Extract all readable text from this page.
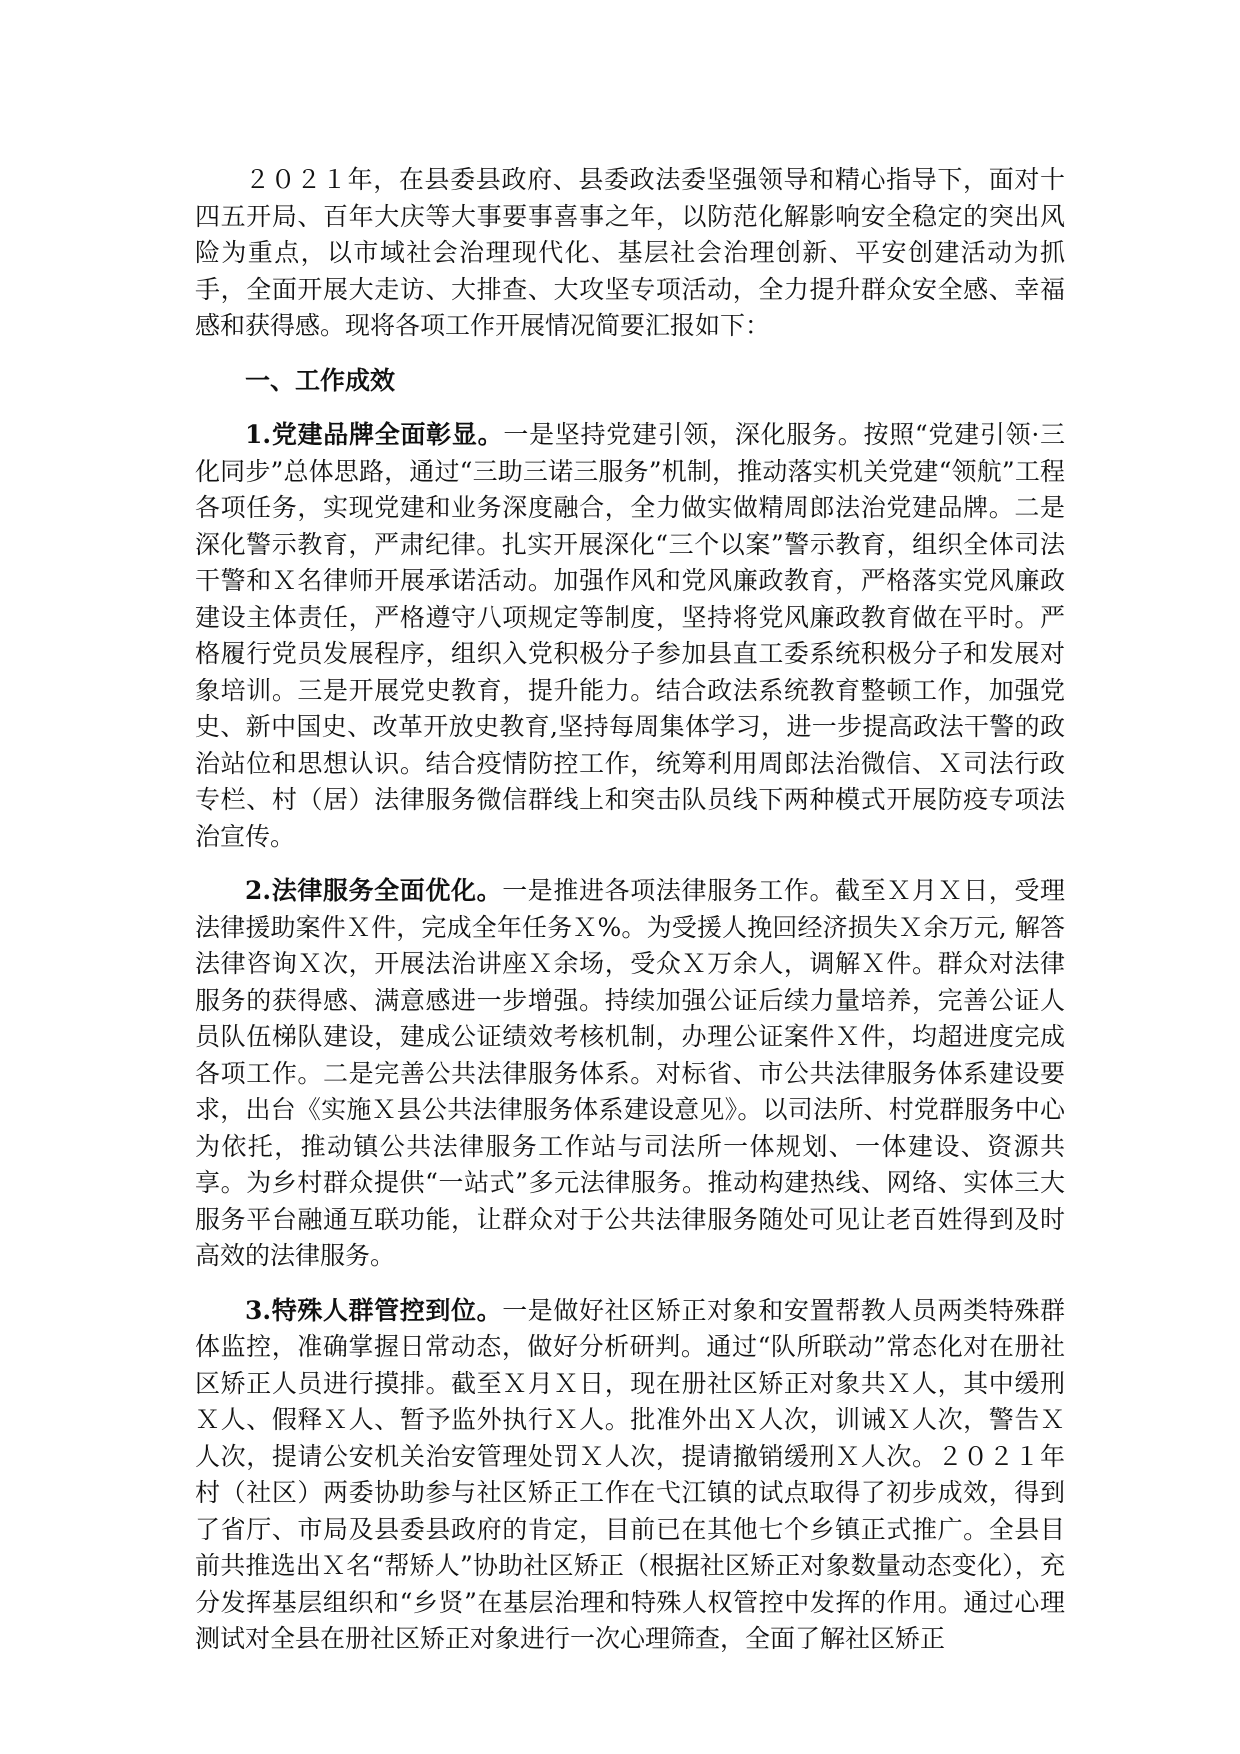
２０２１年，在县委县政府、县委政法委坚强领导和精心指导下，面对十四五开局、百年大庆等大事要事喜事之年，以防范化解影响安全稳定的突出风险为重点，以市域社会治理现代化、基层社会治理创新、平安创建活动为抓手，全面开展大走访、大排查、大攻坚专项活动，全力提升群众安全感、幸福感和获得感。现将各项工作开展情况简要汇报如下：

一、工作成效

1.党建品牌全面彰显。一是坚持党建引领，深化服务。按照“党建引领·三化同步”总体思路，通过“三助三诺三服务”机制，推动落实机关党建“领航”工程各项任务，实现党建和业务深度融合，全力做实做精周郎法治党建品牌。二是深化警示教育，严肃纪律。扎实开展深化“三个以案”警示教育，组织全体司法干警和Ｘ名律师开展承诺活动。加强作风和党风廉政教育，严格落实党风廉政建设主体责任，严格遵守八项规定等制度，坚持将党风廉政教育做在平时。严格履行党员发展程序，组织入党积极分子参加县直工委系统积极分子和发展对象培训。三是开展党史教育，提升能力。结合政法系统教育整顿工作，加强党史、新中国史、改革开放史教育,坚持每周集体学习，进一步提高政法干警的政治站位和思想认识。结合疫情防控工作，统筹利用周郎法治微信、Ｘ司法行政专栏、村（居）法律服务微信群线上和突击队员线下两种模式开展防疫专项法治宣传。

2.法律服务全面优化。一是推进各项法律服务工作。截至Ｘ月Ｘ日，受理法律援助案件Ｘ件，完成全年任务Ｘ%。为受援人挽回经济损失Ｘ余万元, 解答法律咨询Ｘ次，开展法治讲座Ｘ余场，受众Ｘ万余人，调解Ｘ件。群众对法律服务的获得感、满意感进一步增强。持续加强公证后续力量培养，完善公证人员队伍梯队建设，建成公证绩效考核机制，办理公证案件Ｘ件，均超进度完成各项工作。二是完善公共法律服务体系。对标省、市公共法律服务体系建设要求，出台《实施Ｘ县公共法律服务体系建设意见》。以司法所、村党群服务中心为依托，推动镇公共法律服务工作站与司法所一体规划、一体建设、资源共享。为乡村群众提供“一站式”多元法律服务。推动构建热线、网络、实体三大服务平台融通互联功能，让群众对于公共法律服务随处可见让老百姓得到及时高效的法律服务。

3.特殊人群管控到位。一是做好社区矫正对象和安置帮教人员两类特殊群体监控，准确掌握日常动态，做好分析研判。通过“队所联动”常态化对在册社区矫正人员进行摸排。截至Ｘ月Ｘ日，现在册社区矫正对象共Ｘ人，其中缓刑Ｘ人、假释Ｘ人、暂予监外执行Ｘ人。批准外出Ｘ人次，训诫Ｘ人次，警告Ｘ人次，提请公安机关治安管理处罚Ｘ人次，提请撤销缓刑Ｘ人次。２０２１年村（社区）两委协助参与社区矫正工作在弋江镇的试点取得了初步成效，得到了省厅、市局及县委县政府的肯定，目前已在其他七个乡镇正式推广。全县目前共推选出Ｘ名“帮矫人”协助社区矫正（根据社区矫正对象数量动态变化），充分发挥基层组织和“乡贤”在基层治理和特殊人权管控中发挥的作用。通过心理测试对全县在册社区矫正对象进行一次心理筛查，全面了解社区矫正
